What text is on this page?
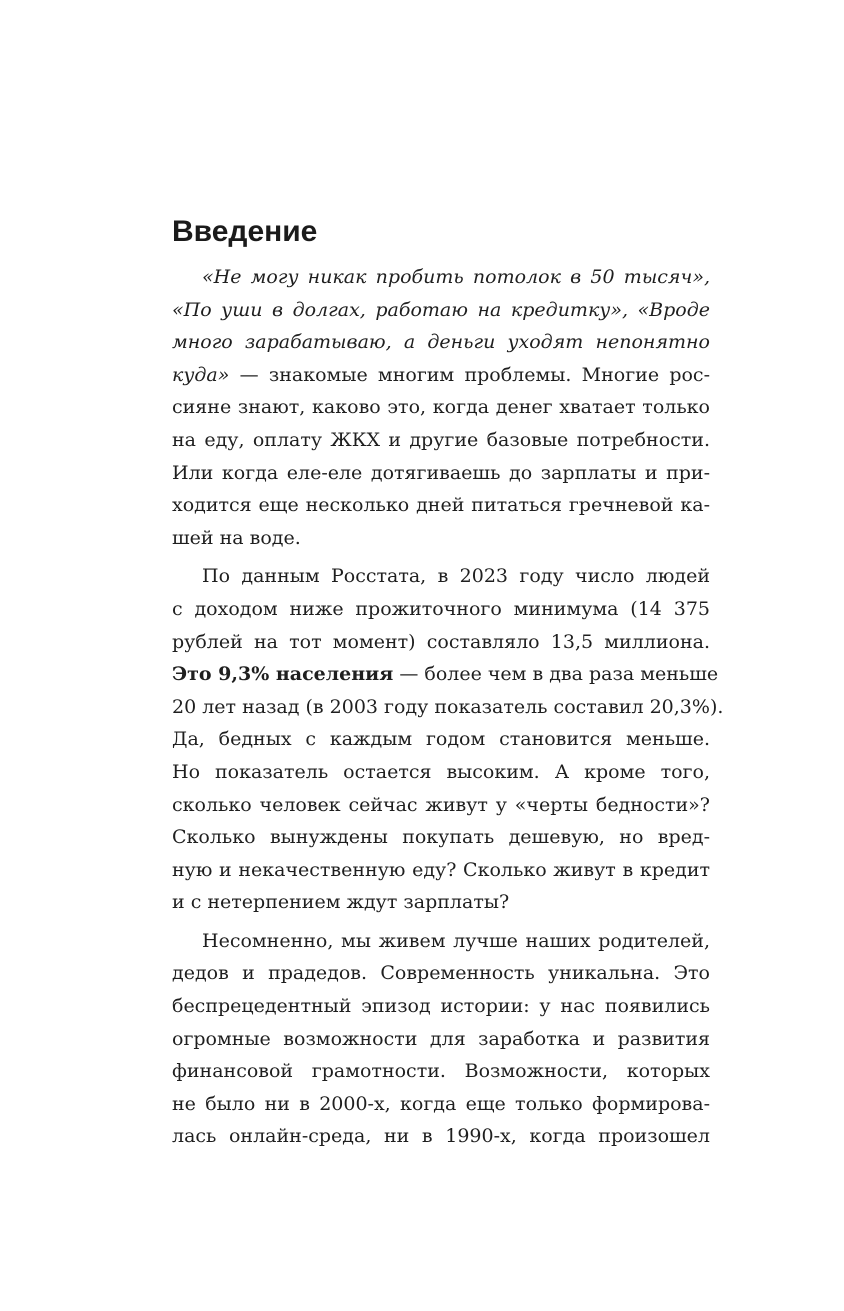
Введение
«Не могу никак пробить потолок в 50 тысяч»,
«По уши в долгах, работаю на кредитку», «Вроде
много зарабатываю, а деньги уходят непонятно
куда» — знакомые многим проблемы. Многие рос-
сияне знают, каково это, когда денег хватает только
на еду, оплату ЖКХ и другие базовые потребности.
Или когда еле-еле дотягиваешь до зарплаты и при-
ходится еще несколько дней питаться гречневой ка-
шей на воде.
По данным Росстата, в 2023 году число людей
с доходом ниже прожиточного минимума (14 375
рублей на тот момент) составляло 13,5 миллиона.
Это 9,3% населения — более чем в два раза меньше
20 лет назад (в 2003 году показатель составил 20,3%).
Да, бедных с каждым годом становится меньше.
Но показатель остается высоким. А кроме того,
сколько человек сейчас живут у «черты бедности»?
Сколько вынуждены покупать дешевую, но вред-
ную и некачественную еду? Сколько живут в кредит
и с нетерпением ждут зарплаты?
Несомненно, мы живем лучше наших родителей,
дедов и прадедов. Современность уникальна. Это
беспрецедентный эпизод истории: у нас появились
огромные возможности для заработка и развития
финансовой грамотности. Возможности, которых
не было ни в 2000-х, когда еще только формирова-
лась онлайн-среда, ни в 1990-х, когда произошел
